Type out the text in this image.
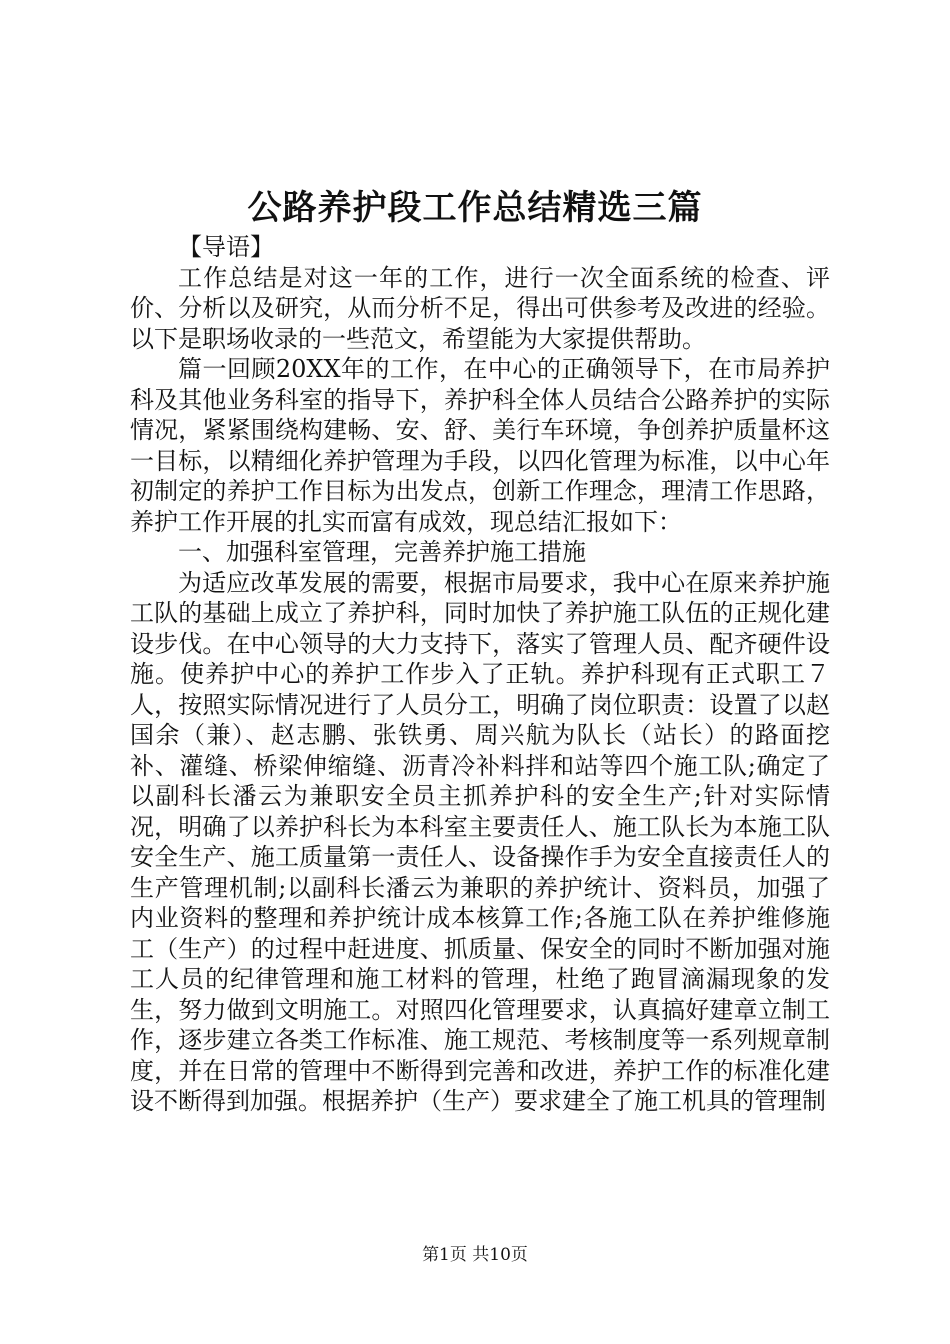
公路养护段工作总结精选三篇

【导语】

工作总结是对这一年的工作，进行一次全面系统的检查、评价、分析以及研究，从而分析不足，得出可供参考及改进的经验。以下是职场收录的一些范文，希望能为大家提供帮助。

篇一回顾20XX年的工作，在中心的正确领导下，在市局养护科及其他业务科室的指导下，养护科全体人员结合公路养护的实际情况，紧紧围绕构建畅、安、舒、美行车环境，争创养护质量杯这一目标，以精细化养护管理为手段，以四化管理为标准，以中心年初制定的养护工作目标为出发点，创新工作理念，理清工作思路，养护工作开展的扎实而富有成效，现总结汇报如下：

一、加强科室管理，完善养护施工措施

为适应改革发展的需要，根据市局要求，我中心在原来养护施工队的基础上成立了养护科，同时加快了养护施工队伍的正规化建设步伐。在中心领导的大力支持下，落实了管理人员、配齐硬件设施。使养护中心的养护工作步入了正轨。养护科现有正式职工７人，按照实际情况进行了人员分工，明确了岗位职责：设置了以赵国余（兼）、赵志鹏、张铁勇、周兴航为队长（站长）的路面挖补、灌缝、桥梁伸缩缝、沥青冷补料拌和站等四个施工队;确定了以副科长潘云为兼职安全员主抓养护科的安全生产;针对实际情况，明确了以养护科长为本科室主要责任人、施工队长为本施工队安全生产、施工质量第一责任人、设备操作手为安全直接责任人的生产管理机制;以副科长潘云为兼职的养护统计、资料员，加强了内业资料的整理和养护统计成本核算工作;各施工队在养护维修施工（生产）的过程中赶进度、抓质量、保安全的同时不断加强对施工人员的纪律管理和施工材料的管理，杜绝了跑冒滴漏现象的发生，努力做到文明施工。对照四化管理要求，认真搞好建章立制工作，逐步建立各类工作标准、施工规范、考核制度等一系列规章制度，并在日常的管理中不断得到完善和改进，养护工作的标准化建设不断得到加强。根据养护（生产）要求建全了施工机具的管理制

第1页 共10页
